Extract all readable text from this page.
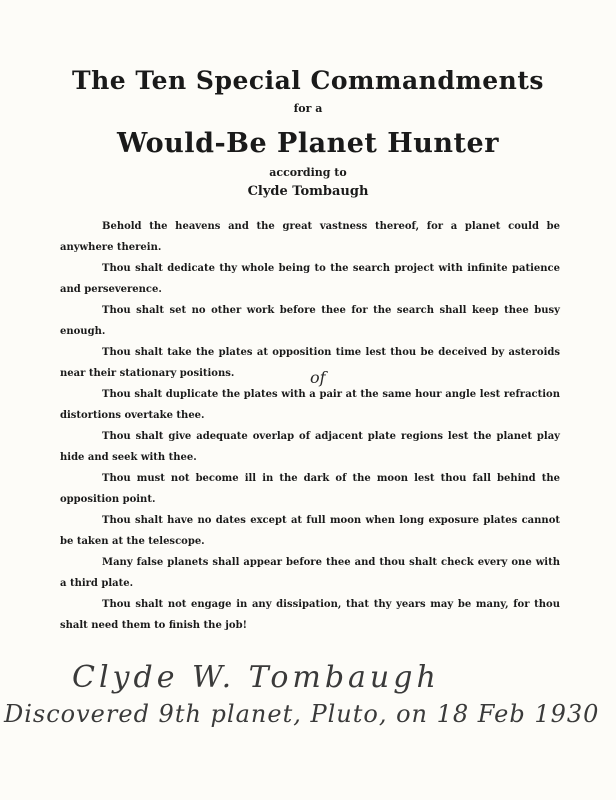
The Ten Special Commandments
for a
Would-Be Planet Hunter
according to
Clyde Tombaugh
Behold the heavens and the great vastness thereof, for a planet could be anywhere therein.
Thou shalt dedicate thy whole being to the search project with infinite patience and perseverence.
Thou shalt set no other work before thee for the search shall keep thee busy enough.
Thou shalt take the plates at opposition time lest thou be deceived by asteroids near their stationary positions.
Thou shalt duplicate the plates with a pair at the same hour angle lest refraction distortions overtake thee.
Thou shalt give adequate overlap of adjacent plate regions lest the planet play hide and seek with thee.
Thou must not become ill in the dark of the moon lest thou fall behind the opposition point.
Thou shalt have no dates except at full moon when long exposure plates cannot be taken at the telescope.
Many false planets shall appear before thee and thou shalt check every one with a third plate.
Thou shalt not engage in any dissipation, that thy years may be many, for thou shalt need them to finish the job!
of
Clyde W. Tombaugh
Discovered 9th planet, Pluto, on 18 Feb 1930
